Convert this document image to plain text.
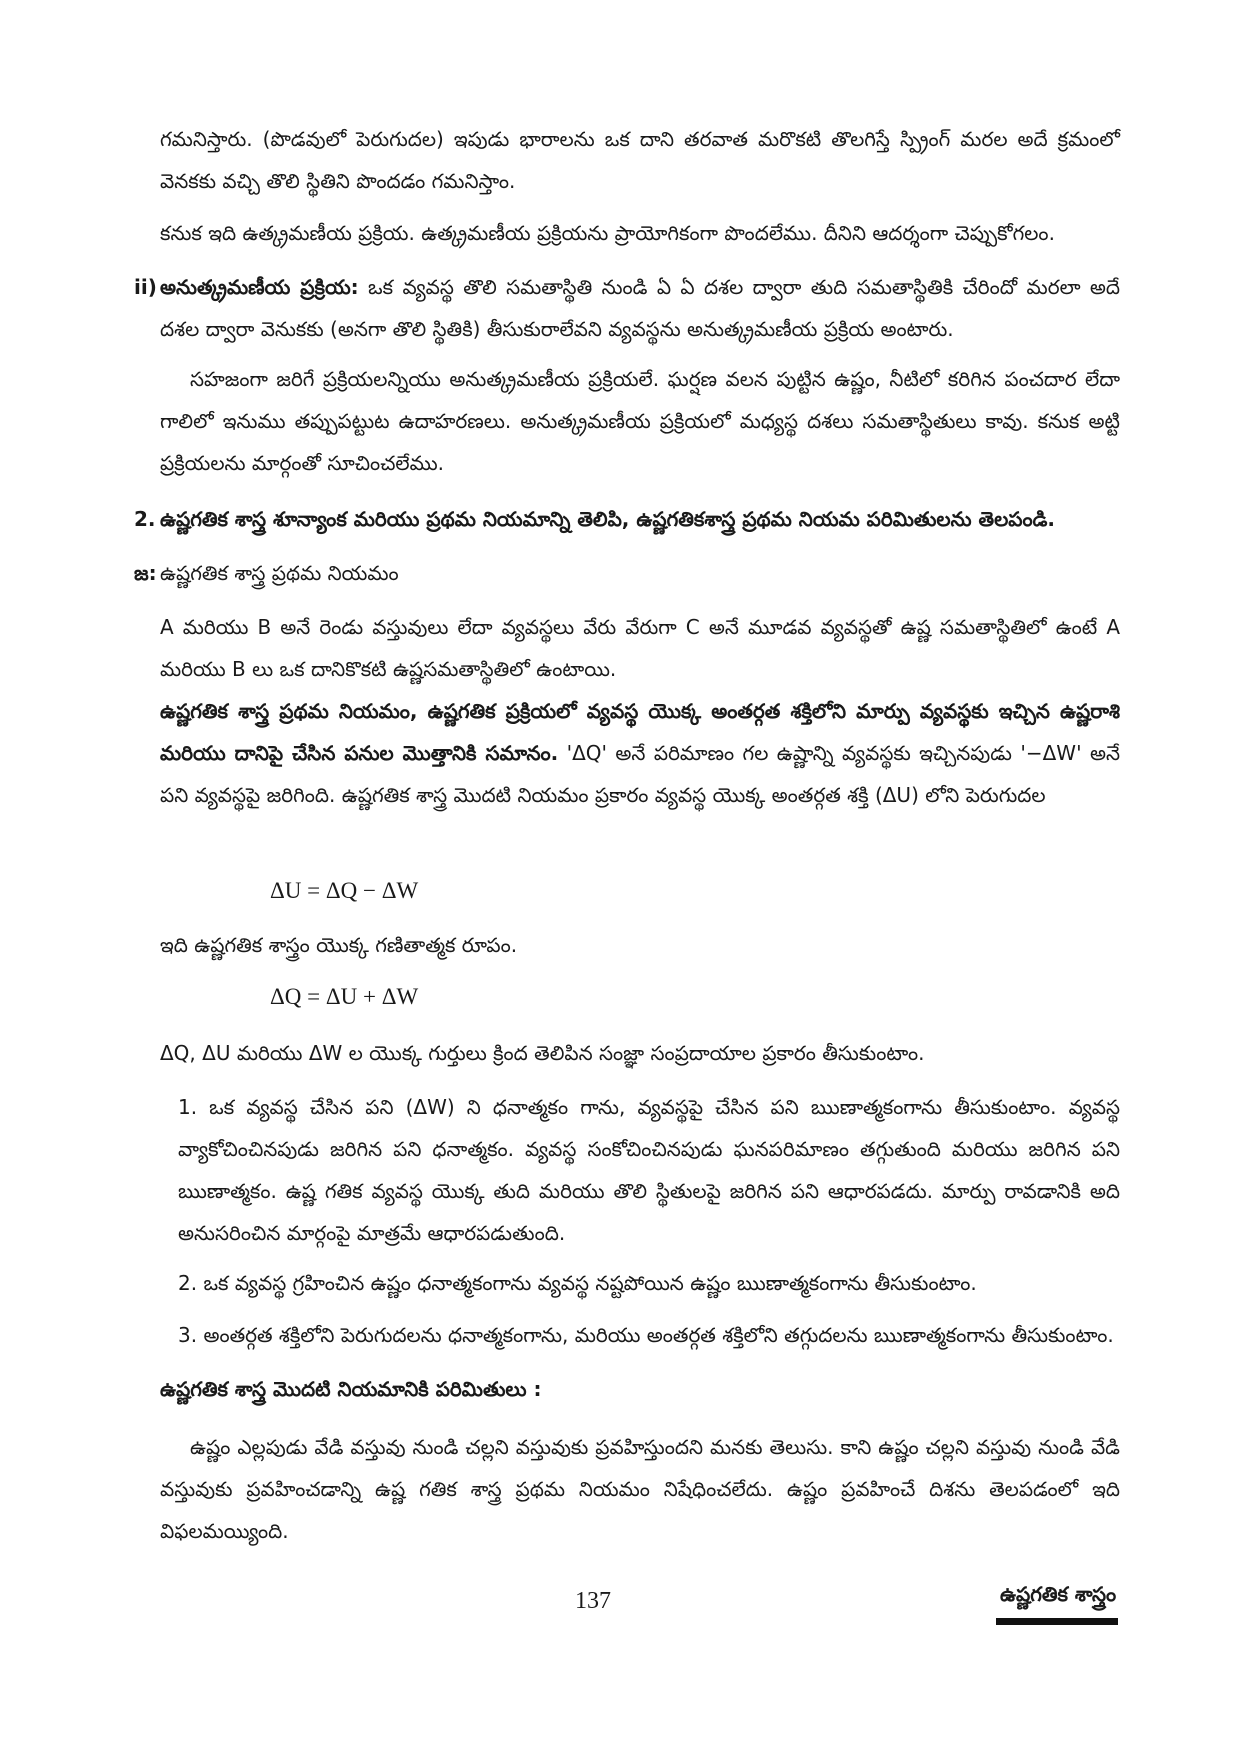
గమనిస్తారు. (పొడవులో పెరుగుదల) ఇపుడు భారాలను ఒక దాని తరవాత మరొకటి తొలగిస్తే స్ప్రింగ్ మరల అదే క్రమంలో వెనకకు వచ్చి తొలి స్థితిని పొందడం గమనిస్తాం.
కనుక ఇది ఉత్క్రమణీయ ప్రక్రియ. ఉత్క్రమణీయ ప్రక్రియను ప్రాయోగికంగా పొందలేము. దీనిని ఆదర్శంగా చెప్పుకోగలం.
ii) అనుత్క్రమణీయ ప్రక్రియ: ఒక వ్యవస్థ తొలి సమతాస్థితి నుండి ఏ ఏ దశల ద్వారా తుది సమతాస్థితికి చేరిందో మరలా అదే దశల ద్వారా వెనుకకు (అనగా తొలి స్థితికి) తీసుకురాలేవని వ్యవస్థను అనుత్క్రమణీయ ప్రక్రియ అంటారు.
సహజంగా జరిగే ప్రక్రియలన్నియు అనుత్క్రమణీయ ప్రక్రియలే. ఘర్షణ వలన పుట్టిన ఉష్ణం, నీటిలో కరిగిన పంచదార లేదా గాలిలో ఇనుము తప్పుపట్టుట ఉదాహరణలు. అనుత్క్రమణీయ ప్రక్రియలో మధ్యస్థ దశలు సమతాస్థితులు కావు. కనుక అట్టి ప్రక్రియలను మార్గంతో సూచించలేము.
2. ఉష్ణగతిక శాస్త్ర శూన్యాంక మరియు ప్రథమ నియమాన్ని తెలిపి, ఉష్ణగతికశాస్త్ర ప్రథమ నియమ పరిమితులను తెలపండి.
జ: ఉష్ణగతిక శాస్త్ర ప్రథమ నియమం
A మరియు B అనే రెండు వస్తువులు లేదా వ్యవస్థలు వేరు వేరుగా C అనే మూడవ వ్యవస్థతో ఉష్ణ సమతాస్థితిలో ఉంటే A మరియు B లు ఒక దానికొకటి ఉష్ణసమతాస్థితిలో ఉంటాయి.
ఉష్ణగతిక శాస్త్ర ప్రథమ నియమం, ఉష్ణగతిక ప్రక్రియలో వ్యవస్థ యొక్క అంతర్గత శక్తిలోని మార్పు వ్యవస్థకు ఇచ్చిన ఉష్ణరాశి మరియు దానిపై చేసిన పనుల మొత్తానికి సమానం. 'ΔQ' అనే పరిమాణం గల ఉష్ణాన్ని వ్యవస్థకు ఇచ్చినపుడు '−ΔW' అనే పని వ్యవస్థపై జరిగింది. ఉష్ణగతిక శాస్త్ర మొదటి నియమం ప్రకారం వ్యవస్థ యొక్క అంతర్గత శక్తి (ΔU) లోని పెరుగుదల
ΔU = ΔQ − ΔW
ఇది ఉష్ణగతిక శాస్త్రం యొక్క గణితాత్మక రూపం.
ΔQ = ΔU + ΔW
ΔQ, ΔU మరియు ΔW ల యొక్క గుర్తులు క్రింద తెలిపిన సంజ్ఞా సంప్రదాయాల ప్రకారం తీసుకుంటాం.
1. ఒక వ్యవస్థ చేసిన పని (ΔW) ని ధనాత్మకం గాను, వ్యవస్థపై చేసిన పని ఋణాత్మకంగాను తీసుకుంటాం. వ్యవస్థ వ్యాకోచించినపుడు జరిగిన పని ధనాత్మకం. వ్యవస్థ సంకోచించినపుడు ఘనపరిమాణం తగ్గుతుంది మరియు జరిగిన పని ఋణాత్మకం. ఉష్ణ గతిక వ్యవస్థ యొక్క తుది మరియు తొలి స్థితులపై జరిగిన పని ఆధారపడదు. మార్పు రావడానికి అది అనుసరించిన మార్గంపై మాత్రమే ఆధారపడుతుంది.
2. ఒక వ్యవస్థ గ్రహించిన ఉష్ణం ధనాత్మకంగాను వ్యవస్థ నష్టపోయిన ఉష్ణం ఋణాత్మకంగాను తీసుకుంటాం.
3. అంతర్గత శక్తిలోని పెరుగుదలను ధనాత్మకంగాను, మరియు అంతర్గత శక్తిలోని తగ్గుదలను ఋణాత్మకంగాను తీసుకుంటాం.
ఉష్ణగతిక శాస్త్ర మొదటి నియమానికి పరిమితులు :
ఉష్ణం ఎల్లపుడు వేడి వస్తువు నుండి చల్లని వస్తువుకు ప్రవహిస్తుందని మనకు తెలుసు. కాని ఉష్ణం చల్లని వస్తువు నుండి వేడి వస్తువుకు ప్రవహించడాన్ని ఉష్ణ గతిక శాస్త్ర ప్రథమ నియమం నిషేధించలేదు. ఉష్ణం ప్రవహించే దిశను తెలపడంలో ఇది విఫలమయ్యింది.
137	ఉష్ణగతిక శాస్త్రం
